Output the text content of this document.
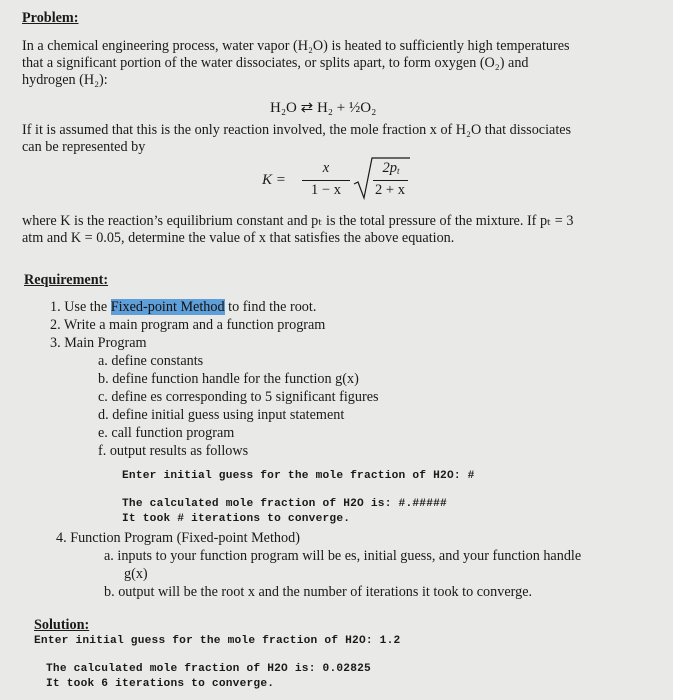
Problem:
In a chemical engineering process, water vapor (H₂O) is heated to sufficiently high temperatures
that a significant portion of the water dissociates, or splits apart, to form oxygen (O₂) and
hydrogen (H₂):
H₂O ⇄ H₂ + ½O₂
If it is assumed that this is the only reaction involved, the mole fraction x of H₂O that dissociates
can be represented by
K =
x
1 − x
$2p_t$
2 + x
where K is the reaction’s equilibrium constant and pₜ is the total pressure of the mixture. If pₜ = 3
atm and K = 0.05, determine the value of x that satisfies the above equation.
Requirement:
1. Use the Fixed-point Method to find the root.
2. Write a main program and a function program
3. Main Program
a. define constants
b. define function handle for the function g(x)
c. define es corresponding to 5 significant figures
d. define initial guess using input statement
e. call function program
f. output results as follows
Enter initial guess for the mole fraction of H2O: #
The calculated mole fraction of H2O is: #.#####
It took # iterations to converge.
4. Function Program (Fixed-point Method)
a. inputs to your function program will be es, initial guess, and your function handle
g(x)
b. output will be the root x and the number of iterations it took to converge.
Solution:
Enter initial guess for the mole fraction of H2O: 1.2
The calculated mole fraction of H2O is: 0.02825
It took 6 iterations to converge.
